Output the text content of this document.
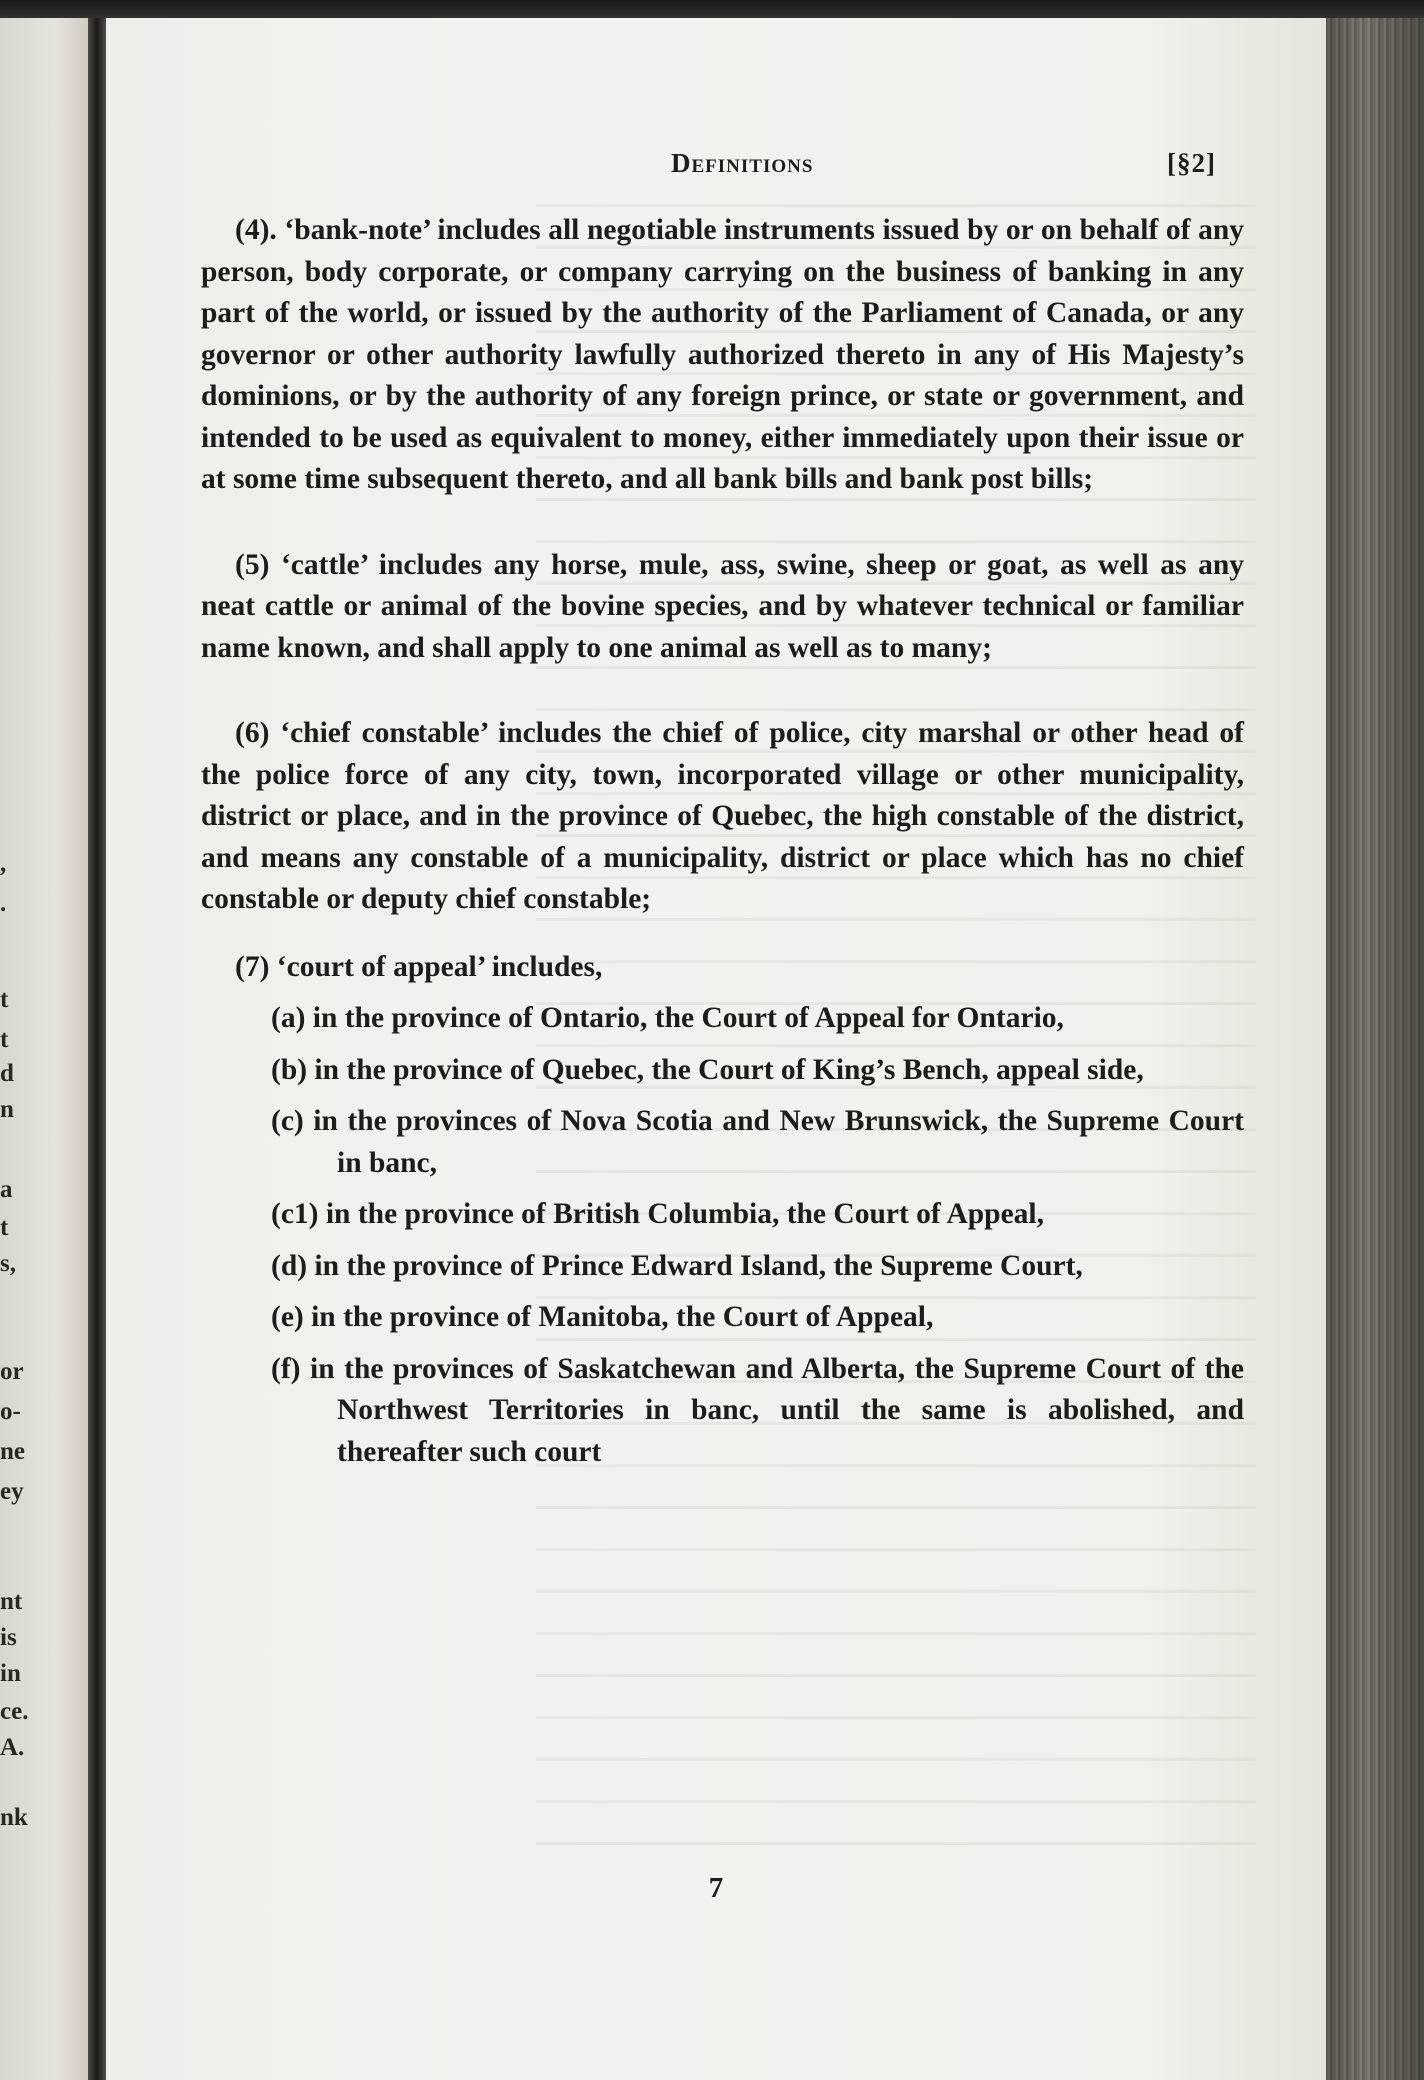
,
.
t
t
d
n
a
t
s,
or
o-
ne
ey
nt
is
in
ce.
A.
nk
Definitions	[§2]

(4). ‘bank-note’ includes all negotiable instruments issued by or on behalf of any person, body corporate, or company carrying on the business of banking in any part of the world, or issued by the authority of the Parliament of Canada, or any governor or other authority lawfully authorized thereto in any of His Majesty’s dominions, or by the authority of any foreign prince, or state or government, and intended to be used as equivalent to money, either immediately upon their issue or at some time subsequent thereto, and all bank bills and bank post bills;

(5) ‘cattle’ includes any horse, mule, ass, swine, sheep or goat, as well as any neat cattle or animal of the bovine species, and by whatever technical or familiar name known, and shall apply to one animal as well as to many;

(6) ‘chief constable’ includes the chief of police, city marshal or other head of the police force of any city, town, incorporated village or other municipality, district or place, and in the province of Quebec, the high constable of the district, and means any constable of a municipality, district or place which has no chief constable or deputy chief constable;

(7) ‘court of appeal’ includes,

(a) in the province of Ontario, the Court of Appeal for Ontario,

(b) in the province of Quebec, the Court of King’s Bench, appeal side,

(c) in the provinces of Nova Scotia and New Brunswick, the Supreme Court in banc,

(c1) in the province of British Columbia, the Court of Appeal,

(d) in the province of Prince Edward Island, the Supreme Court,

(e) in the province of Manitoba, the Court of Appeal,

(f) in the provinces of Saskatchewan and Alberta, the Supreme Court of the Northwest Territories in banc, until the same is abolished, and thereafter such court

7
